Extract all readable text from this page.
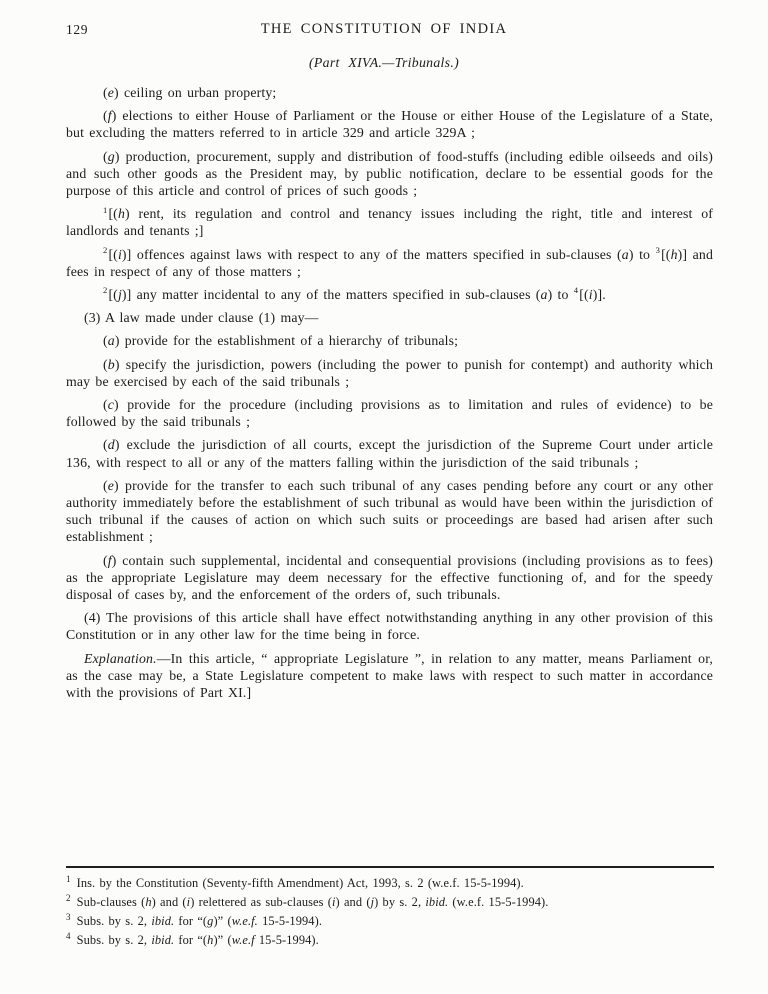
129	THE CONSTITUTION OF INDIA
(Part XIVA.—Tribunals.)

(e) ceiling on urban property;

(f) elections to either House of Parliament or the House or either House of the Legislature of a State, but excluding the matters referred to in article 329 and article 329A ;

(g) production, procurement, supply and distribution of food-stuffs (including edible oilseeds and oils) and such other goods as the President may, by public notification, declare to be essential goods for the purpose of this article and control of prices of such goods ;

$^1$[(h) rent, its regulation and control and tenancy issues including the right, title and interest of landlords and tenants ;]

$^2$[(i)] offences against laws with respect to any of the matters specified in sub-clauses (a) to $^3$[(h)] and fees in respect of any of those matters ;

$^2$[(j)] any matter incidental to any of the matters specified in sub-clauses (a) to $^4$[(i)].

(3) A law made under clause (1) may—

(a) provide for the establishment of a hierarchy of tribunals;

(b) specify the jurisdiction, powers (including the power to punish for contempt) and authority which may be exercised by each of the said tribunals ;

(c) provide for the procedure (including provisions as to limitation and rules of evidence) to be followed by the said tribunals ;

(d) exclude the jurisdiction of all courts, except the jurisdiction of the Supreme Court under article 136, with respect to all or any of the matters falling within the jurisdiction of the said tribunals ;

(e) provide for the transfer to each such tribunal of any cases pending before any court or any other authority immediately before the establishment of such tribunal as would have been within the jurisdiction of such tribunal if the causes of action on which such suits or proceedings are based had arisen after such establishment ;

(f) contain such supplemental, incidental and consequential provisions (including provisions as to fees) as the appropriate Legislature may deem necessary for the effective functioning of, and for the speedy disposal of cases by, and the enforcement of the orders of, such tribunals.

(4) The provisions of this article shall have effect notwithstanding anything in any other provision of this Constitution or in any other law for the time being in force.

Explanation.—In this article, “ appropriate Legislature ”, in relation to any matter, means Parliament or, as the case may be, a State Legislature competent to make laws with respect to such matter in accordance with the provisions of Part XI.]

$^1$ Ins. by the Constitution (Seventy-fifth Amendment) Act, 1993, s. 2 (w.e.f. 15-5-1994).
$^2$ Sub-clauses (h) and (i) relettered as sub-clauses (i) and (j) by s. 2, ibid. (w.e.f. 15-5-1994).
$^3$ Subs. by s. 2, ibid. for “(g)” (w.e.f. 15-5-1994).
$^4$ Subs. by s. 2, ibid. for “(h)” (w.e.f 15-5-1994).
